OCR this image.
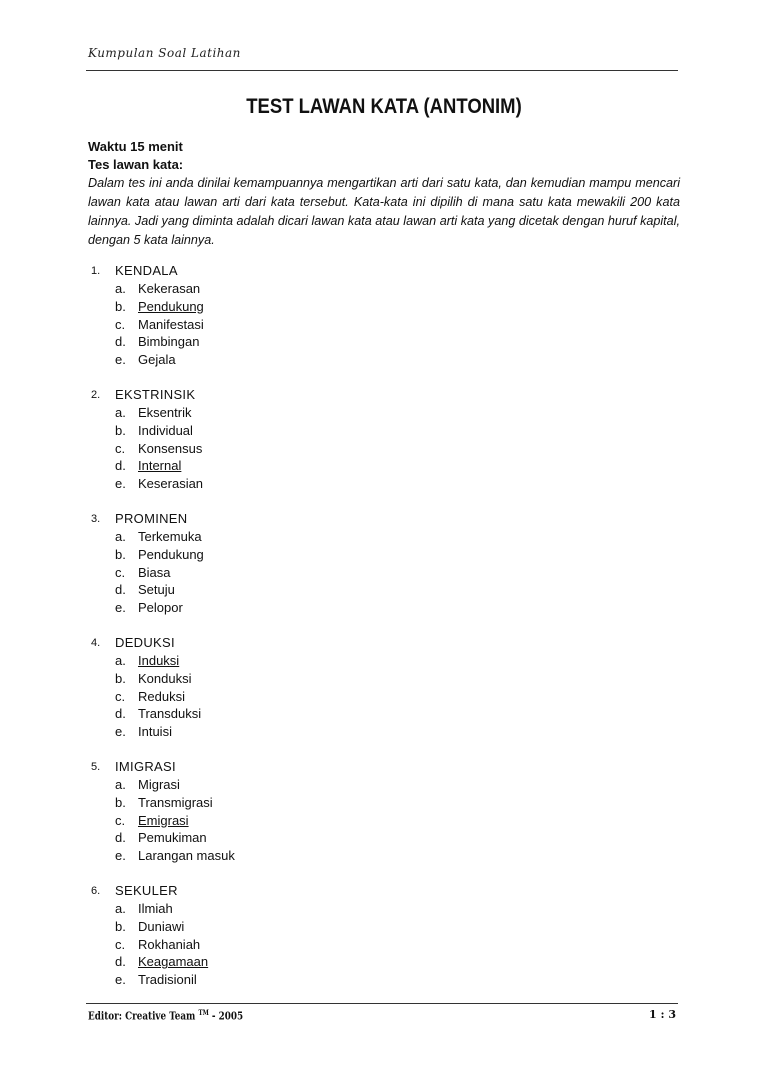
Kumpulan Soal Latihan
TEST LAWAN KATA (ANTONIM)
Waktu 15 menit
Tes lawan kata:
Dalam tes ini anda dinilai kemampuannya mengartikan arti dari satu kata, dan kemudian mampu mencari lawan kata atau lawan arti dari kata tersebut. Kata-kata ini dipilih di mana satu kata mewakili 200 kata lainnya. Jadi yang diminta adalah dicari lawan kata atau lawan arti kata yang dicetak dengan huruf kapital, dengan 5 kata lainnya.
1. KENDALA
a. Kekerasan
b. Pendukung
c. Manifestasi
d. Bimbingan
e. Gejala
2. EKSTRINSIK
a. Eksentrik
b. Individual
c. Konsensus
d. Internal
e. Keserasian
3. PROMINEN
a. Terkemuka
b. Pendukung
c. Biasa
d. Setuju
e. Pelopor
4. DEDUKSI
a. Induksi
b. Konduksi
c. Reduksi
d. Transduksi
e. Intuisi
5. IMIGRASI
a. Migrasi
b. Transmigrasi
c. Emigrasi
d. Pemukiman
e. Larangan masuk
6. SEKULER
a. Ilmiah
b. Duniawi
c. Rokhaniah
d. Keagamaan
e. Tradisionil
Editor: Creative Team ™ - 2005	1 : 3
